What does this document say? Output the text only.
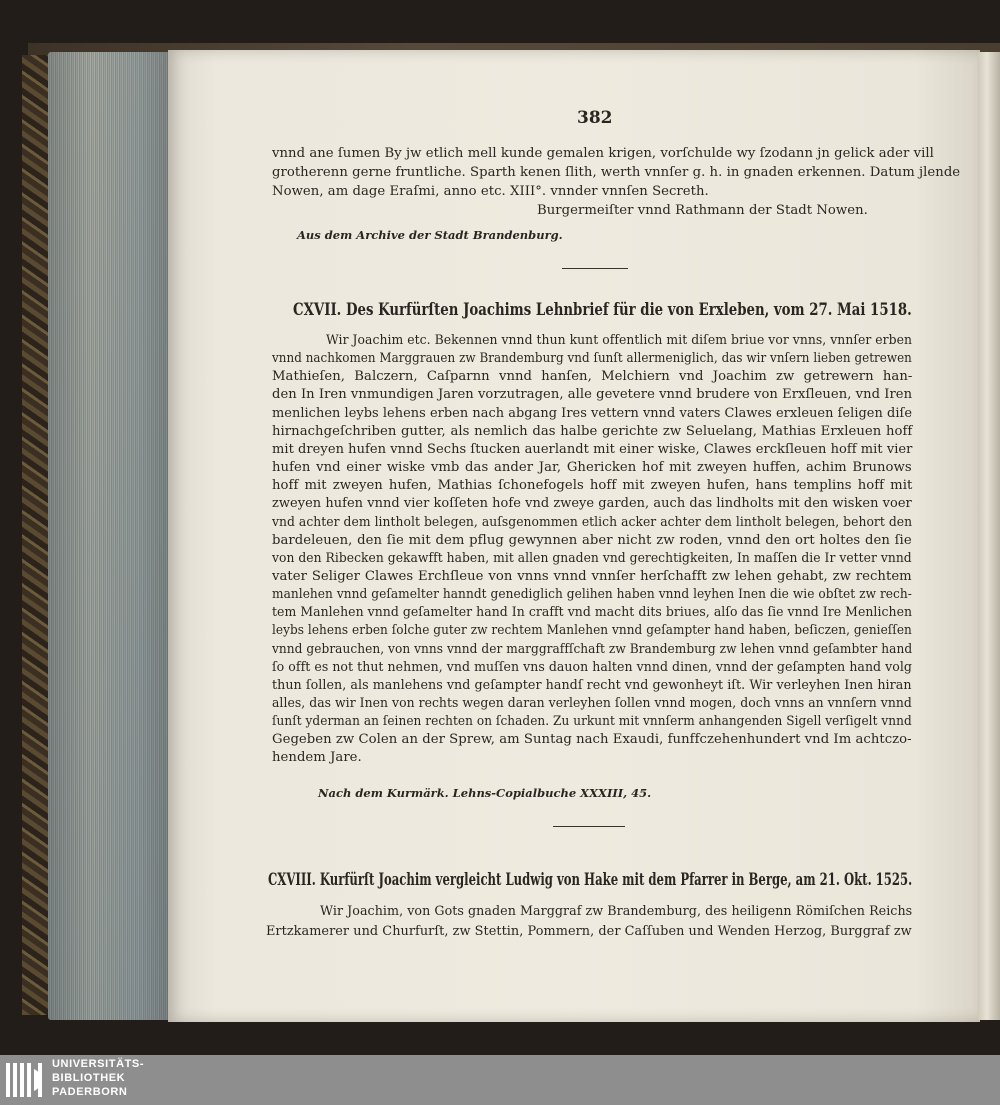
382
vnnd ane ſumen By jw etlich mell kunde gemalen krigen, vorſchulde wy ſzodann jn gelick ader vill
grotherenn gerne fruntliche. Sparth kenen ſlith, werth vnnſer g. h. in gnaden erkennen. Datum jlende
Nowen, am dage Eraſmi, anno etc. XIII°. vnnder vnnſen Secreth.
Burgermeiſter vnnd Rathmann der Stadt Nowen.
Aus dem Archive der Stadt Brandenburg.
CXVII. Des Kurfürſten Joachims Lehnbrief für die von Erxleben, vom 27. Mai 1518.
Nach dem Kurmärk. Lehns-Copialbuche XXXIII, 45.
CXVIII. Kurfürſt Joachim vergleicht Ludwig von Hake mit dem Pfarrer in Berge, am 21. Okt. 1525.
Wir Joachim etc. Bekennen vnnd thun kunt offentlich mit diſem briue vor vnns, vnnſer erben
vnnd nachkomen Marggrauen zw Brandemburg vnd ſunſt allermeniglich, das wir vnſern lieben getrewen
Mathieſen, Balczern, Caſparnn vnnd hanſen, Melchiern vnd Joachim zw getrewern han-
den In Iren vnmundigen Jaren vorzutragen, alle gevetere vnnd brudere von Erxſleuen, vnd Iren
menlichen leybs lehens erben nach abgang Ires vettern vnnd vaters Clawes erxleuen ſeligen diſe
hirnachgeſchriben gutter, als nemlich das halbe gerichte zw Seluelang, Mathias Erxleuen hoff
mit dreyen hufen vnnd Sechs ſtucken auerlandt mit einer wiske, Clawes erckſleuen hoff mit vier
hufen vnd einer wiske vmb das ander Jar, Ghericken hof mit zweyen huffen, achim Brunows
hoff mit zweyen hufen, Mathias ſchonefogels hoff mit zweyen hufen, hans templins hoff mit
zweyen hufen vnnd vier koſſeten hofe vnd zweye garden, auch das lindholts mit den wisken voer
vnd achter dem lintholt belegen, auſsgenommen etlich acker achter dem lintholt belegen, behort den
bardeleuen, den ſie mit dem pflug gewynnen aber nicht zw roden, vnnd den ort holtes den ſie
von den Ribecken gekawfft haben, mit allen gnaden vnd gerechtigkeiten, In maſſen die Ir vetter vnnd
vater Seliger Clawes Erchſleue von vnns vnnd vnnſer herſchafft zw lehen gehabt, zw rechtem
manlehen vnnd geſamelter hanndt genediglich gelihen haben vnnd leyhen Inen die wie obſtet zw rech-
tem Manlehen vnnd geſamelter hand In crafft vnd macht dits briues, alſo das ſie vnnd Ire Menlichen
leybs lehens erben ſolche guter zw rechtem Manlehen vnnd geſampter hand haben, beſiczen, genieſſen
vnnd gebrauchen, von vnns vnnd der marggraffſchaft zw Brandemburg zw lehen vnnd geſambter hand
ſo offt es not thut nehmen, vnd muſſen vns dauon halten vnnd dinen, vnnd der geſampten hand volg
thun ſollen, als manlehens vnd geſampter handſ recht vnd gewonheyt iſt. Wir verleyhen Inen hiran
alles, das wir Inen von rechts wegen daran verleyhen ſollen vnnd mogen, doch vnns an vnnſern vnnd
ſunſt yderman an ſeinen rechten on ſchaden. Zu urkunt mit vnnſerm anhangenden Sigell verſigelt vnnd
Gegeben zw Colen an der Sprew, am Suntag nach Exaudi, funffczehenhundert vnd Im achtczo-
hendem Jare.
Wir Joachim, von Gots gnaden Marggraf zw Brandemburg, des heiligenn Römiſchen Reichs
Ertzkamerer und Churfurſt, zw Stettin, Pommern, der Caſſuben und Wenden Herzog, Burggraf zw
UNIVERSITÄTS-
BIBLIOTHEK
PADERBORN
